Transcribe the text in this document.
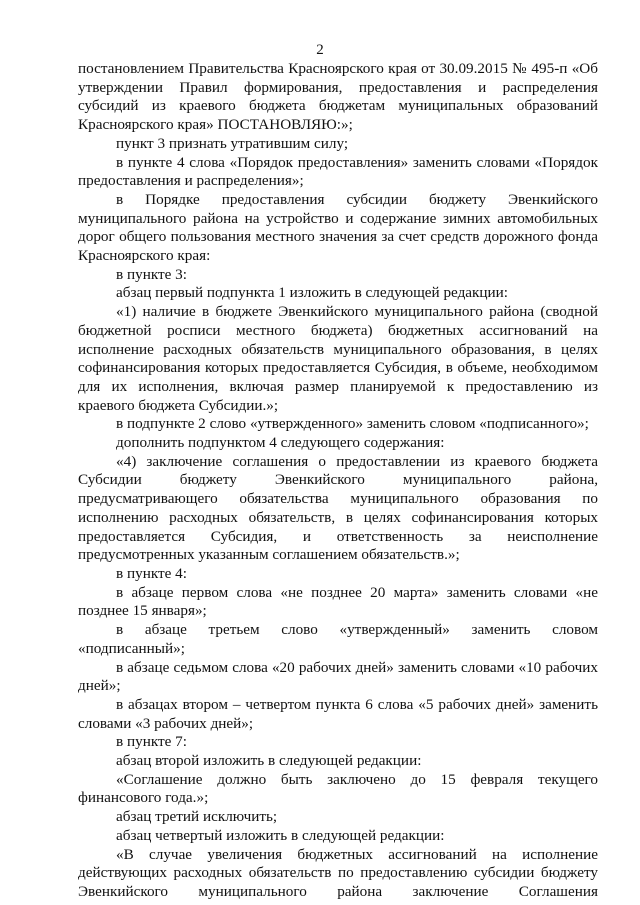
2

постановлением Правительства Красноярского края от 30.09.2015 № 495-п «Об утверждении Правил формирования, предоставления и распределения субсидий из краевого бюджета бюджетам муниципальных образований Красноярского края» ПОСТАНОВЛЯЮ:»;

пункт 3 признать утратившим силу;

в пункте 4 слова «Порядок предоставления» заменить словами «Порядок предоставления и распределения»;

в Порядке предоставления субсидии бюджету Эвенкийского муниципального района на устройство и содержание зимних автомобильных дорог общего пользования местного значения за счет средств дорожного фонда Красноярского края:

в пункте 3:

абзац первый подпункта 1 изложить в следующей редакции:

«1) наличие в бюджете Эвенкийского муниципального района (сводной бюджетной росписи местного бюджета) бюджетных ассигнований на исполнение расходных обязательств муниципального образования, в целях софинансирования которых предоставляется Субсидия, в объеме, необходимом для их исполнения, включая размер планируемой к предоставлению из краевого бюджета Субсидии.»;

в подпункте 2 слово «утвержденного» заменить словом «подписанного»;

дополнить подпунктом 4 следующего содержания:

«4) заключение соглашения о предоставлении из краевого бюджета Субсидии бюджету Эвенкийского муниципального района, предусматривающего обязательства муниципального образования по исполнению расходных обязательств, в целях софинансирования которых предоставляется Субсидия, и ответственность за неисполнение предусмотренных указанным соглашением обязательств.»;

в пункте 4:

в абзаце первом слова «не позднее 20 марта» заменить словами «не позднее 15 января»;

в абзаце третьем слово «утвержденный» заменить словом «подписанный»;

в абзаце седьмом слова «20 рабочих дней» заменить словами «10 рабочих дней»;

в абзацах втором – четвертом пункта 6 слова «5 рабочих дней» заменить словами «3 рабочих дней»;

в пункте 7:

абзац второй изложить в следующей редакции:

«Соглашение должно быть заключено до 15 февраля текущего финансового года.»;

абзац третий исключить;

абзац четвертый изложить в следующей редакции:

«В случае увеличения бюджетных ассигнований на исполнение действующих расходных обязательств по предоставлению субсидии бюджету Эвенкийского муниципального района заключение Соглашения
